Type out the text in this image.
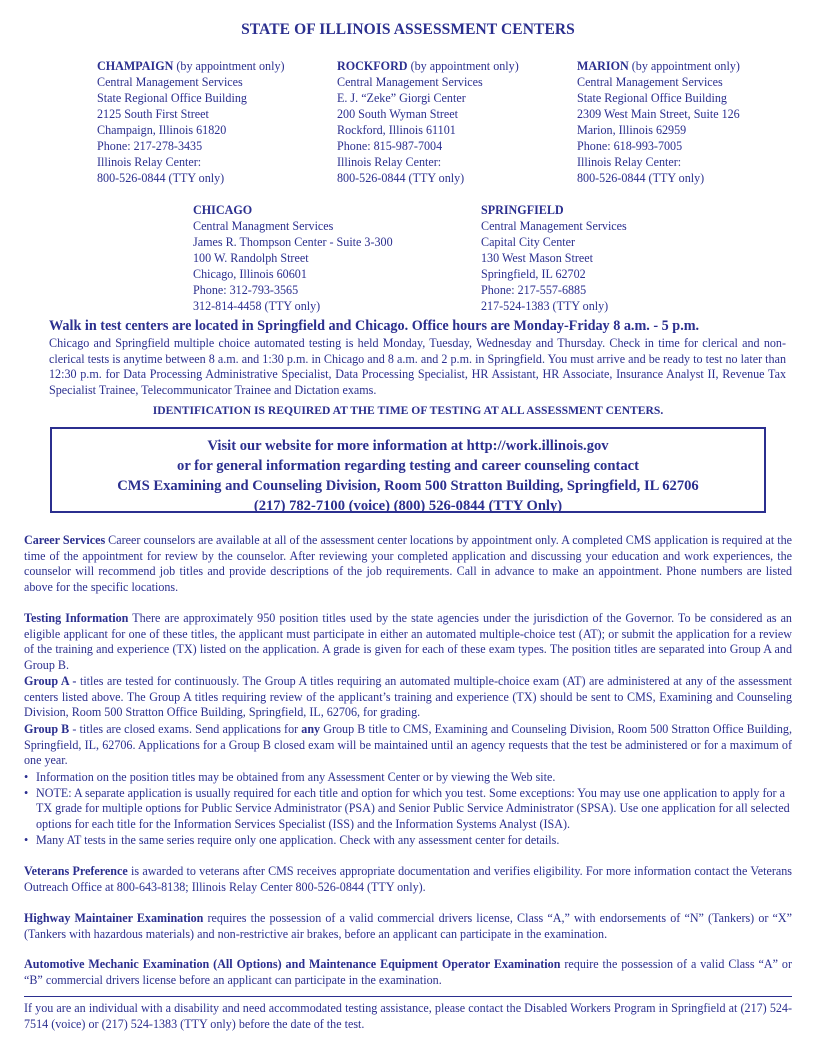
STATE OF ILLINOIS ASSESSMENT CENTERS
CHAMPAIGN (by appointment only)
Central Management Services
State Regional Office Building
2125 South First Street
Champaign, Illinois 61820
Phone: 217-278-3435
Illinois Relay Center:
800-526-0844 (TTY only)
ROCKFORD (by appointment only)
Central Management Services
E. J. “Zeke” Giorgi Center
200 South Wyman Street
Rockford, Illinois 61101
Phone: 815-987-7004
Illinois Relay Center:
800-526-0844 (TTY only)
MARION (by appointment only)
Central Management Services
State Regional Office Building
2309 West Main Street, Suite 126
Marion, Illinois 62959
Phone: 618-993-7005
Illinois Relay Center:
800-526-0844 (TTY only)
CHICAGO
Central Managment Services
James R. Thompson Center - Suite 3-300
100 W. Randolph Street
Chicago, Illinois 60601
Phone: 312-793-3565
312-814-4458 (TTY only)
SPRINGFIELD
Central Management Services
Capital City Center
130 West Mason Street
Springfield, IL 62702
Phone: 217-557-6885
217-524-1383 (TTY only)
Walk in test centers are located in Springfield and Chicago. Office hours are Monday-Friday 8 a.m. - 5 p.m.
Chicago and Springfield multiple choice automated testing is held Monday, Tuesday, Wednesday and Thursday. Check in time for clerical and non-clerical tests is anytime between 8 a.m. and 1:30 p.m. in Chicago and 8 a.m. and 2 p.m. in Springfield. You must arrive and be ready to test no later than 12:30 p.m. for Data Processing Administrative Specialist, Data Processing Specialist, HR Assistant, HR Associate, Insurance Analyst II, Revenue Tax Specialist Trainee, Telecommunicator Trainee and Dictation exams.
IDENTIFICATION IS REQUIRED AT THE TIME OF TESTING AT ALL ASSESSMENT CENTERS.
Visit our website for more information at http://work.illinois.gov
or for general information regarding testing and career counseling contact
CMS Examining and Counseling Division, Room 500 Stratton Building, Springfield, IL 62706
(217) 782-7100 (voice) (800) 526-0844 (TTY Only)
Career Services Career counselors are available at all of the assessment center locations by appointment only. A completed CMS application is required at the time of the appointment for review by the counselor. After reviewing your completed application and discussing your education and work experiences, the counselor will recommend job titles and provide descriptions of the job requirements. Call in advance to make an appointment. Phone numbers are listed above for the specific locations.
Testing Information There are approximately 950 position titles used by the state agencies under the jurisdiction of the Governor. To be considered as an eligible applicant for one of these titles, the applicant must participate in either an automated multiple-choice test (AT); or submit the application for a review of the training and experience (TX) listed on the application. A grade is given for each of these exam types. The position titles are separated into Group A and Group B.
Group A - titles are tested for continuously. The Group A titles requiring an automated multiple-choice exam (AT) are administered at any of the assessment centers listed above. The Group A titles requiring review of the applicant’s training and experience (TX) should be sent to CMS, Examining and Counseling Division, Room 500 Stratton Office Building, Springfield, IL, 62706, for grading.
Group B - titles are closed exams. Send applications for any Group B title to CMS, Examining and Counseling Division, Room 500 Stratton Office Building, Springfield, IL, 62706. Applications for a Group B closed exam will be maintained until an agency requests that the test be administered or for a maximum of one year.
• Information on the position titles may be obtained from any Assessment Center or by viewing the Web site.
• NOTE: A separate application is usually required for each title and option for which you test. Some exceptions: You may use one application to apply for a TX grade for multiple options for Public Service Administrator (PSA) and Senior Public Service Administrator (SPSA). Use one application for all selected options for each title for the Information Services Specialist (ISS) and the Information Systems Analyst (ISA).
• Many AT tests in the same series require only one application. Check with any assessment center for details.
Veterans Preference is awarded to veterans after CMS receives appropriate documentation and verifies eligibility. For more information contact the Veterans Outreach Office at 800-643-8138; Illinois Relay Center 800-526-0844 (TTY only).
Highway Maintainer Examination requires the possession of a valid commercial drivers license, Class “A,” with endorsements of “N” (Tankers) or “X” (Tankers with hazardous materials) and non-restrictive air brakes, before an applicant can participate in the examination.
Automotive Mechanic Examination (All Options) and Maintenance Equipment Operator Examination require the possession of a valid Class “A” or “B” commercial drivers license before an applicant can participate in the examination.
If you are an individual with a disability and need accommodated testing assistance, please contact the Disabled Workers Program in Springfield at (217) 524-7514 (voice) or (217) 524-1383 (TTY only) before the date of the test.
